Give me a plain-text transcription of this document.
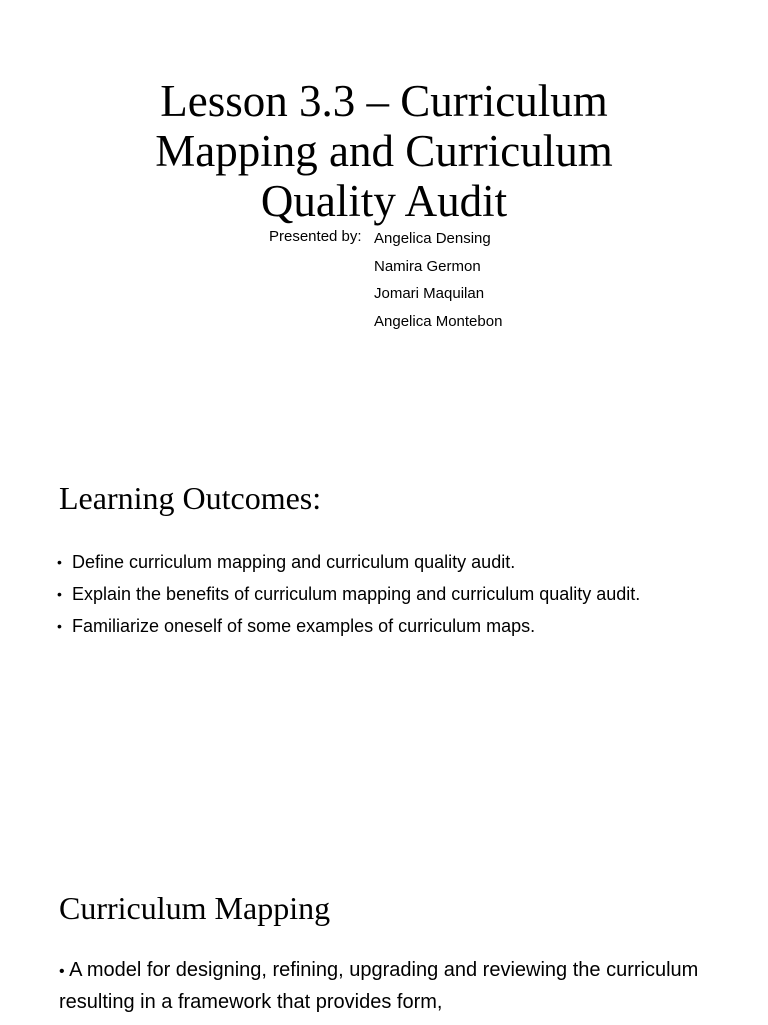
Lesson 3.3 – Curriculum
Mapping and Curriculum
Quality Audit
Presented by: Angelica Densing
Namira Germon
Jomari Maquilan
Angelica Montebon
Learning Outcomes:
• Define curriculum mapping and curriculum quality audit.
• Explain the benefits of curriculum mapping and curriculum quality audit.
• Familiarize oneself of some examples of curriculum maps.
Curriculum Mapping
• A model for designing, refining, upgrading and reviewing the curriculum resulting in a framework that provides form,
